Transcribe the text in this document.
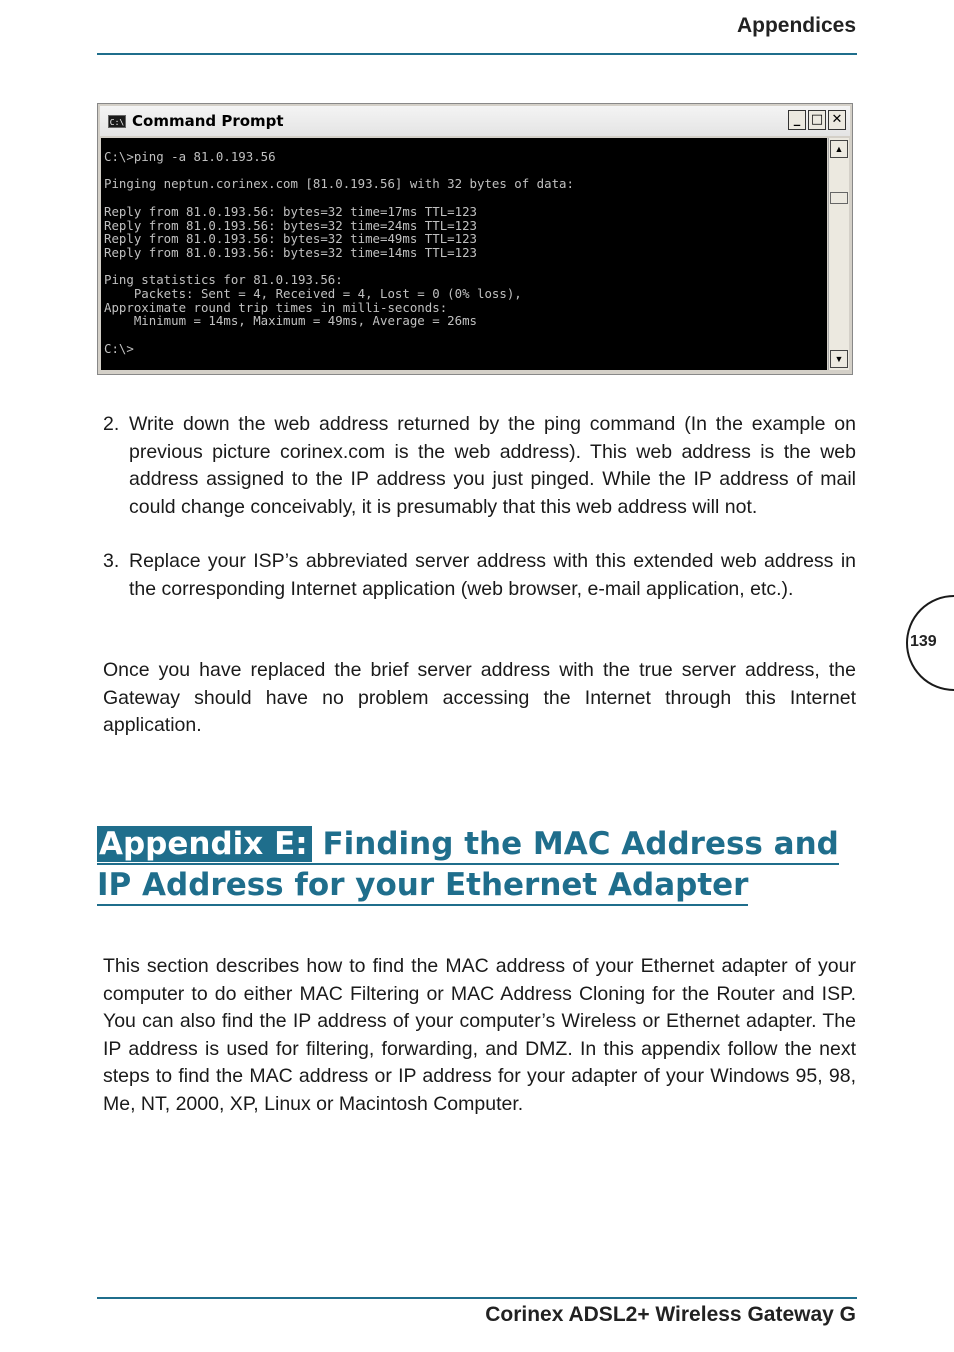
Appendices
C:\ Command Prompt	_ □ ✕
C:\>ping -a 81.0.193.56

Pinging neptun.corinex.com [81.0.193.56] with 32 bytes of data:

Reply from 81.0.193.56: bytes=32 time=17ms TTL=123
Reply from 81.0.193.56: bytes=32 time=24ms TTL=123
Reply from 81.0.193.56: bytes=32 time=49ms TTL=123
Reply from 81.0.193.56: bytes=32 time=14ms TTL=123

Ping statistics for 81.0.193.56:
Packets: Sent = 4, Received = 4, Lost = 0 (0% loss),
Approximate round trip times in milli-seconds:
Minimum = 14ms, Maximum = 49ms, Average = 26ms

C:\>
▲
▼
2. Write down the web address returned by the ping command (In the example on previous picture corinex.com is the web address). This web address is the web address assigned to the IP address you just pinged. While the IP address of mail could change conceivably, it is presumably that this web address will not.
3. Replace your ISP’s abbreviated server address with this extended web address in the corresponding Internet application (web browser, e-mail application, etc.).

Once you have replaced the brief server address with the true server address, the Gateway should have no problem accessing the Internet through this Internet application.

Appendix E: Finding the MAC Address and
IP Address for your Ethernet Adapter

This section describes how to find the MAC address of your Ethernet adapter of your computer to do either MAC Filtering or MAC Address Cloning for the Router and ISP. You can also find the IP address of your computer’s Wireless or Ethernet adapter. The IP address is used for filtering, forwarding, and DMZ. In this appendix follow the next steps to find the MAC address or IP address for your adapter of your Windows 95, 98, Me, NT, 2000, XP, Linux or Macintosh Computer.

139
Corinex ADSL2+ Wireless Gateway G
